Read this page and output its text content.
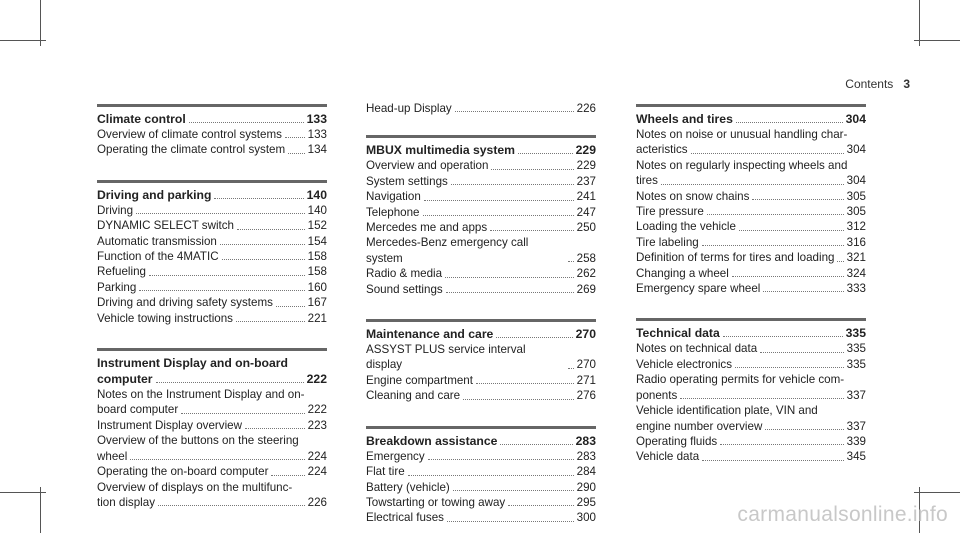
Contents 3
Climate control	133
Overview of climate control systems 133
Operating the climate control system 134
Driving and parking	140
Driving	140
DYNAMIC SELECT switch	152
Automatic transmission	154
Function of the 4MATIC	158
Refueling	158
Parking	160
Driving and driving safety systems	167
Vehicle towing instructions	221
Instrument Display and on-board
computer	222
Notes on the Instrument Display and on-
board computer	222
Instrument Display overview	223
Overview of the buttons on the steering
wheel	224
Operating the on-board computer	224
Overview of displays on the multifunc-
tion display	226
Head-up Display	226
MBUX multimedia system	229
Overview and operation	229
System settings	237
Navigation	241
Telephone	247
Mercedes me and apps	250
Mercedes-Benz emergency call system	258
Radio & media	262
Sound settings	269
Maintenance and care	270
ASSYST PLUS service interval display	270
Engine compartment	271
Cleaning and care	276
Breakdown assistance	283
Emergency	283
Flat tire	284
Battery (vehicle)	290
Towstarting or towing away	295
Electrical fuses	300
Wheels and tires	304
Notes on noise or unusual handling char-
acteristics	304
Notes on regularly inspecting wheels and
tires	304
Notes on snow chains	305
Tire pressure	305
Loading the vehicle	312
Tire labeling	316
Definition of terms for tires and loading 321
Changing a wheel	324
Emergency spare wheel	333
Technical data	335
Notes on technical data	335
Vehicle electronics	335
Radio operating permits for vehicle com-
ponents	337
Vehicle identification plate, VIN and
engine number overview	337
Operating fluids	339
Vehicle data	345
carmanualsonline.info
